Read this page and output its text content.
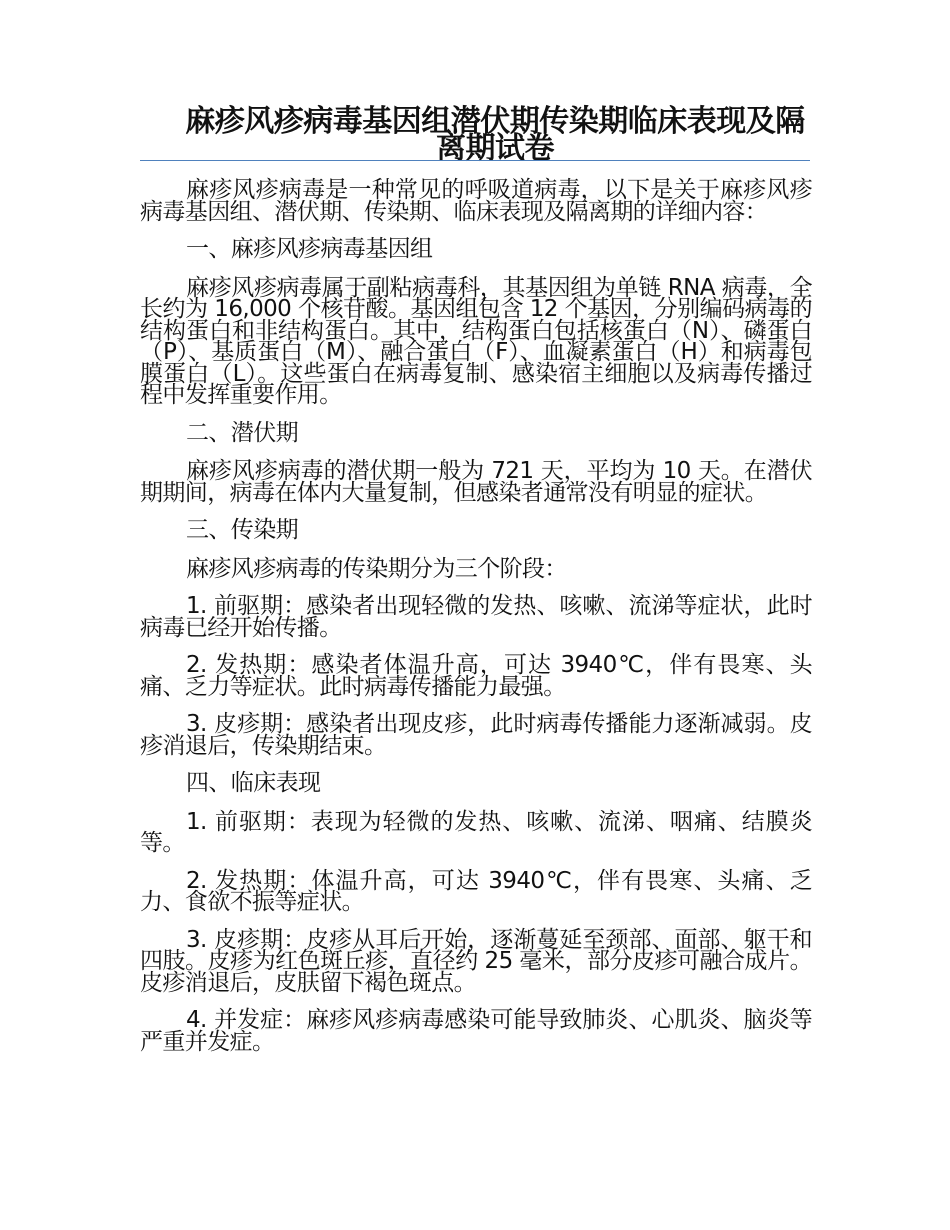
麻疹风疹病毒基因组潜伏期传染期临床表现及隔离期试卷

麻疹风疹病毒是一种常见的呼吸道病毒，以下是关于麻疹风疹病毒基因组、潜伏期、传染期、临床表现及隔离期的详细内容：

一、麻疹风疹病毒基因组

麻疹风疹病毒属于副粘病毒科，其基因组为单链 RNA 病毒，全长约为 16,000 个核苷酸。基因组包含 12 个基因，分别编码病毒的结构蛋白和非结构蛋白。其中，结构蛋白包括核蛋白（N）、磷蛋白（P）、基质蛋白（M）、融合蛋白（F）、血凝素蛋白（H）和病毒包膜蛋白（L）。这些蛋白在病毒复制、感染宿主细胞以及病毒传播过程中发挥重要作用。

二、潜伏期

麻疹风疹病毒的潜伏期一般为 721 天，平均为 10 天。在潜伏期期间，病毒在体内大量复制，但感染者通常没有明显的症状。

三、传染期

麻疹风疹病毒的传染期分为三个阶段：

1. 前驱期：感染者出现轻微的发热、咳嗽、流涕等症状，此时病毒已经开始传播。

2. 发热期：感染者体温升高，可达 3940℃，伴有畏寒、头痛、乏力等症状。此时病毒传播能力最强。

3. 皮疹期：感染者出现皮疹，此时病毒传播能力逐渐减弱。皮疹消退后，传染期结束。

四、临床表现

1. 前驱期：表现为轻微的发热、咳嗽、流涕、咽痛、结膜炎等。

2. 发热期：体温升高，可达 3940℃，伴有畏寒、头痛、乏力、食欲不振等症状。

3. 皮疹期：皮疹从耳后开始，逐渐蔓延至颈部、面部、躯干和四肢。皮疹为红色斑丘疹，直径约 25 毫米，部分皮疹可融合成片。皮疹消退后，皮肤留下褐色斑点。

4. 并发症：麻疹风疹病毒感染可能导致肺炎、心肌炎、脑炎等严重并发症。
